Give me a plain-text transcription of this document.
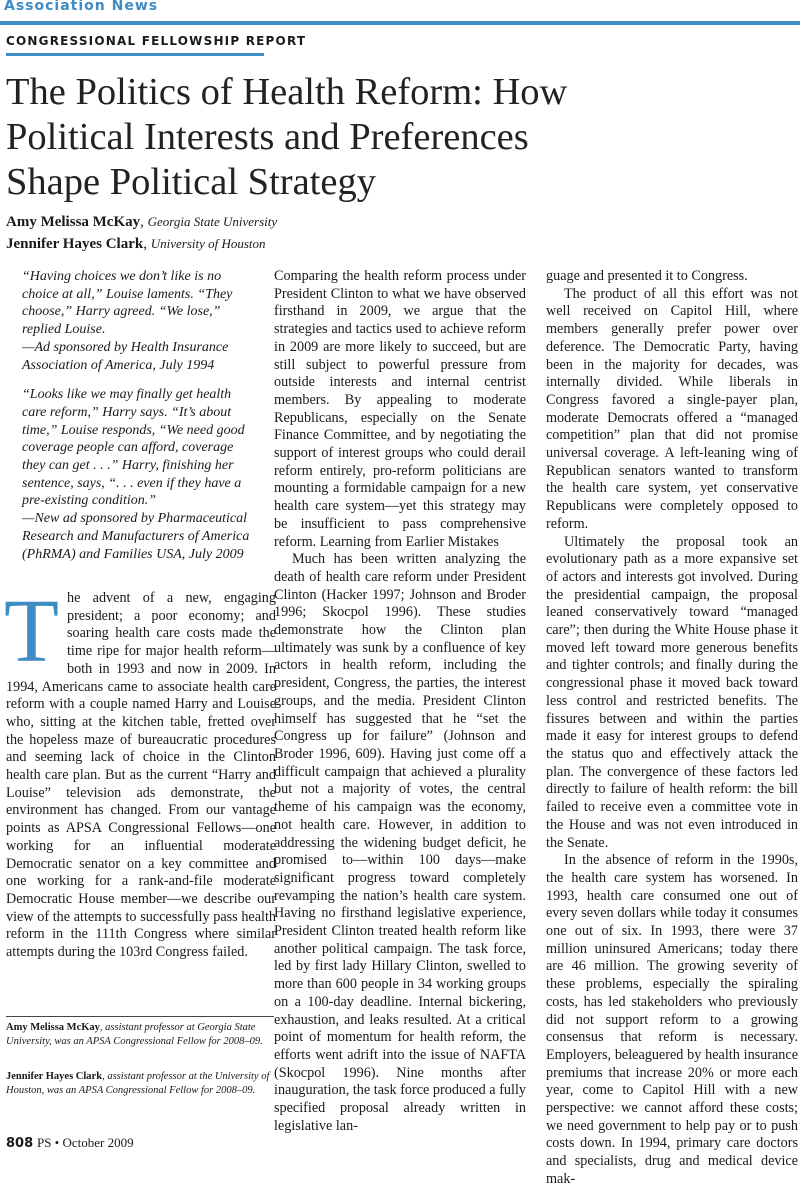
Association News
CONGRESSIONAL FELLOWSHIP REPORT
The Politics of Health Reform: How
Political Interests and Preferences
Shape Political Strategy
Amy Melissa McKay, Georgia State University
Jennifer Hayes Clark, University of Houston

“Having choices we don’t like is no choice at all,” Louise laments. “They choose,” Harry agreed. “We lose,” replied Louise.
—Ad sponsored by Health Insurance Association of America, July 1994

“Looks like we may finally get health care reform,” Harry says. “It’s about time,” Louise responds, “We need good coverage people can afford, coverage they can get . . .” Harry, finishing her sentence, says, “. . . even if they have a pre-existing condition.”
—New ad sponsored by Pharmaceutical Research and Manufacturers of America (PhRMA) and Families USA, July 2009

T he advent of a new, engaging president; a poor economy; and soaring health care costs made the time ripe for major health reform—both in 1993 and now in 2009. In 1994, Americans came to associate health care reform with a couple named Harry and Louise who, sitting at the kitchen table, fretted over the hopeless maze of bureaucratic procedures and seeming lack of choice in the Clinton health care plan. But as the current “Harry and Louise” television ads demonstrate, the environment has changed. From our vantage points as APSA Congressional Fellows—one working for an influential moderate Democratic senator on a key committee and one working for a rank-and-file moderate Democratic House member—we describe our view of the attempts to successfully pass health reform in the 111th Congress where similar attempts during the 103rd Congress failed.

Amy Melissa McKay, assistant professor at Georgia State University, was an APSA Congressional Fellow for 2008–09.
Jennifer Hayes Clark, assistant professor at the University of Houston, was an APSA Congressional Fellow for 2008–09.

Comparing the health reform process under President Clinton to what we have observed firsthand in 2009, we argue that the strategies and tactics used to achieve reform in 2009 are more likely to succeed, but are still subject to powerful pressure from outside interests and internal centrist members. By appealing to moderate Republicans, especially on the Senate Finance Committee, and by negotiating the support of interest groups who could derail reform entirely, pro-reform politicians are mounting a formidable campaign for a new health care system—yet this strategy may be insufficient to pass comprehensive reform. Learning from Earlier Mistakes

Much has been written analyzing the death of health care reform under President Clinton (Hacker 1997; Johnson and Broder 1996; Skocpol 1996). These studies demonstrate how the Clinton plan ultimately was sunk by a confluence of key actors in health reform, including the president, Congress, the parties, the interest groups, and the media. President Clinton himself has suggested that he “set the Congress up for failure” (Johnson and Broder 1996, 609). Having just come off a difficult campaign that achieved a plurality but not a majority of votes, the central theme of his campaign was the economy, not health care. However, in addition to addressing the widening budget deficit, he promised to—within 100 days—make significant progress toward completely revamping the nation’s health care system. Having no firsthand legislative experience, President Clinton treated health reform like another political campaign. The task force, led by first lady Hillary Clinton, swelled to more than 600 people in 34 working groups on a 100-day deadline. Internal bickering, exhaustion, and leaks resulted. At a critical point of momentum for health reform, the efforts went adrift into the issue of NAFTA (Skocpol 1996). Nine months after inauguration, the task force produced a fully specified proposal already written in legislative lan-

guage and presented it to Congress.

The product of all this effort was not well received on Capitol Hill, where members generally prefer power over deference. The Democratic Party, having been in the majority for decades, was internally divided. While liberals in Congress favored a single-payer plan, moderate Democrats offered a “managed competition” plan that did not promise universal coverage. A left-leaning wing of Republican senators wanted to transform the health care system, yet conservative Republicans were completely opposed to reform.

Ultimately the proposal took an evolutionary path as a more expansive set of actors and interests got involved. During the presidential campaign, the proposal leaned conservatively toward “managed care”; then during the White House phase it moved left toward more generous benefits and tighter controls; and finally during the congressional phase it moved back toward less control and restricted benefits. The fissures between and within the parties made it easy for interest groups to defend the status quo and effectively attack the plan. The convergence of these factors led directly to failure of health reform: the bill failed to receive even a committee vote in the House and was not even introduced in the Senate.

In the absence of reform in the 1990s, the health care system has worsened. In 1993, health care consumed one out of every seven dollars while today it consumes one out of six. In 1993, there were 37 million uninsured Americans; today there are 46 million. The growing severity of these problems, especially the spiraling costs, has led stakeholders who previously did not support reform to a growing consensus that reform is necessary. Employers, beleaguered by health insurance premiums that increase 20% or more each year, come to Capitol Hill with a new perspective: we cannot afford these costs; we need government to help pay or to push costs down. In 1994, primary care doctors and specialists, drug and medical device mak-

808 PS • October 2009
